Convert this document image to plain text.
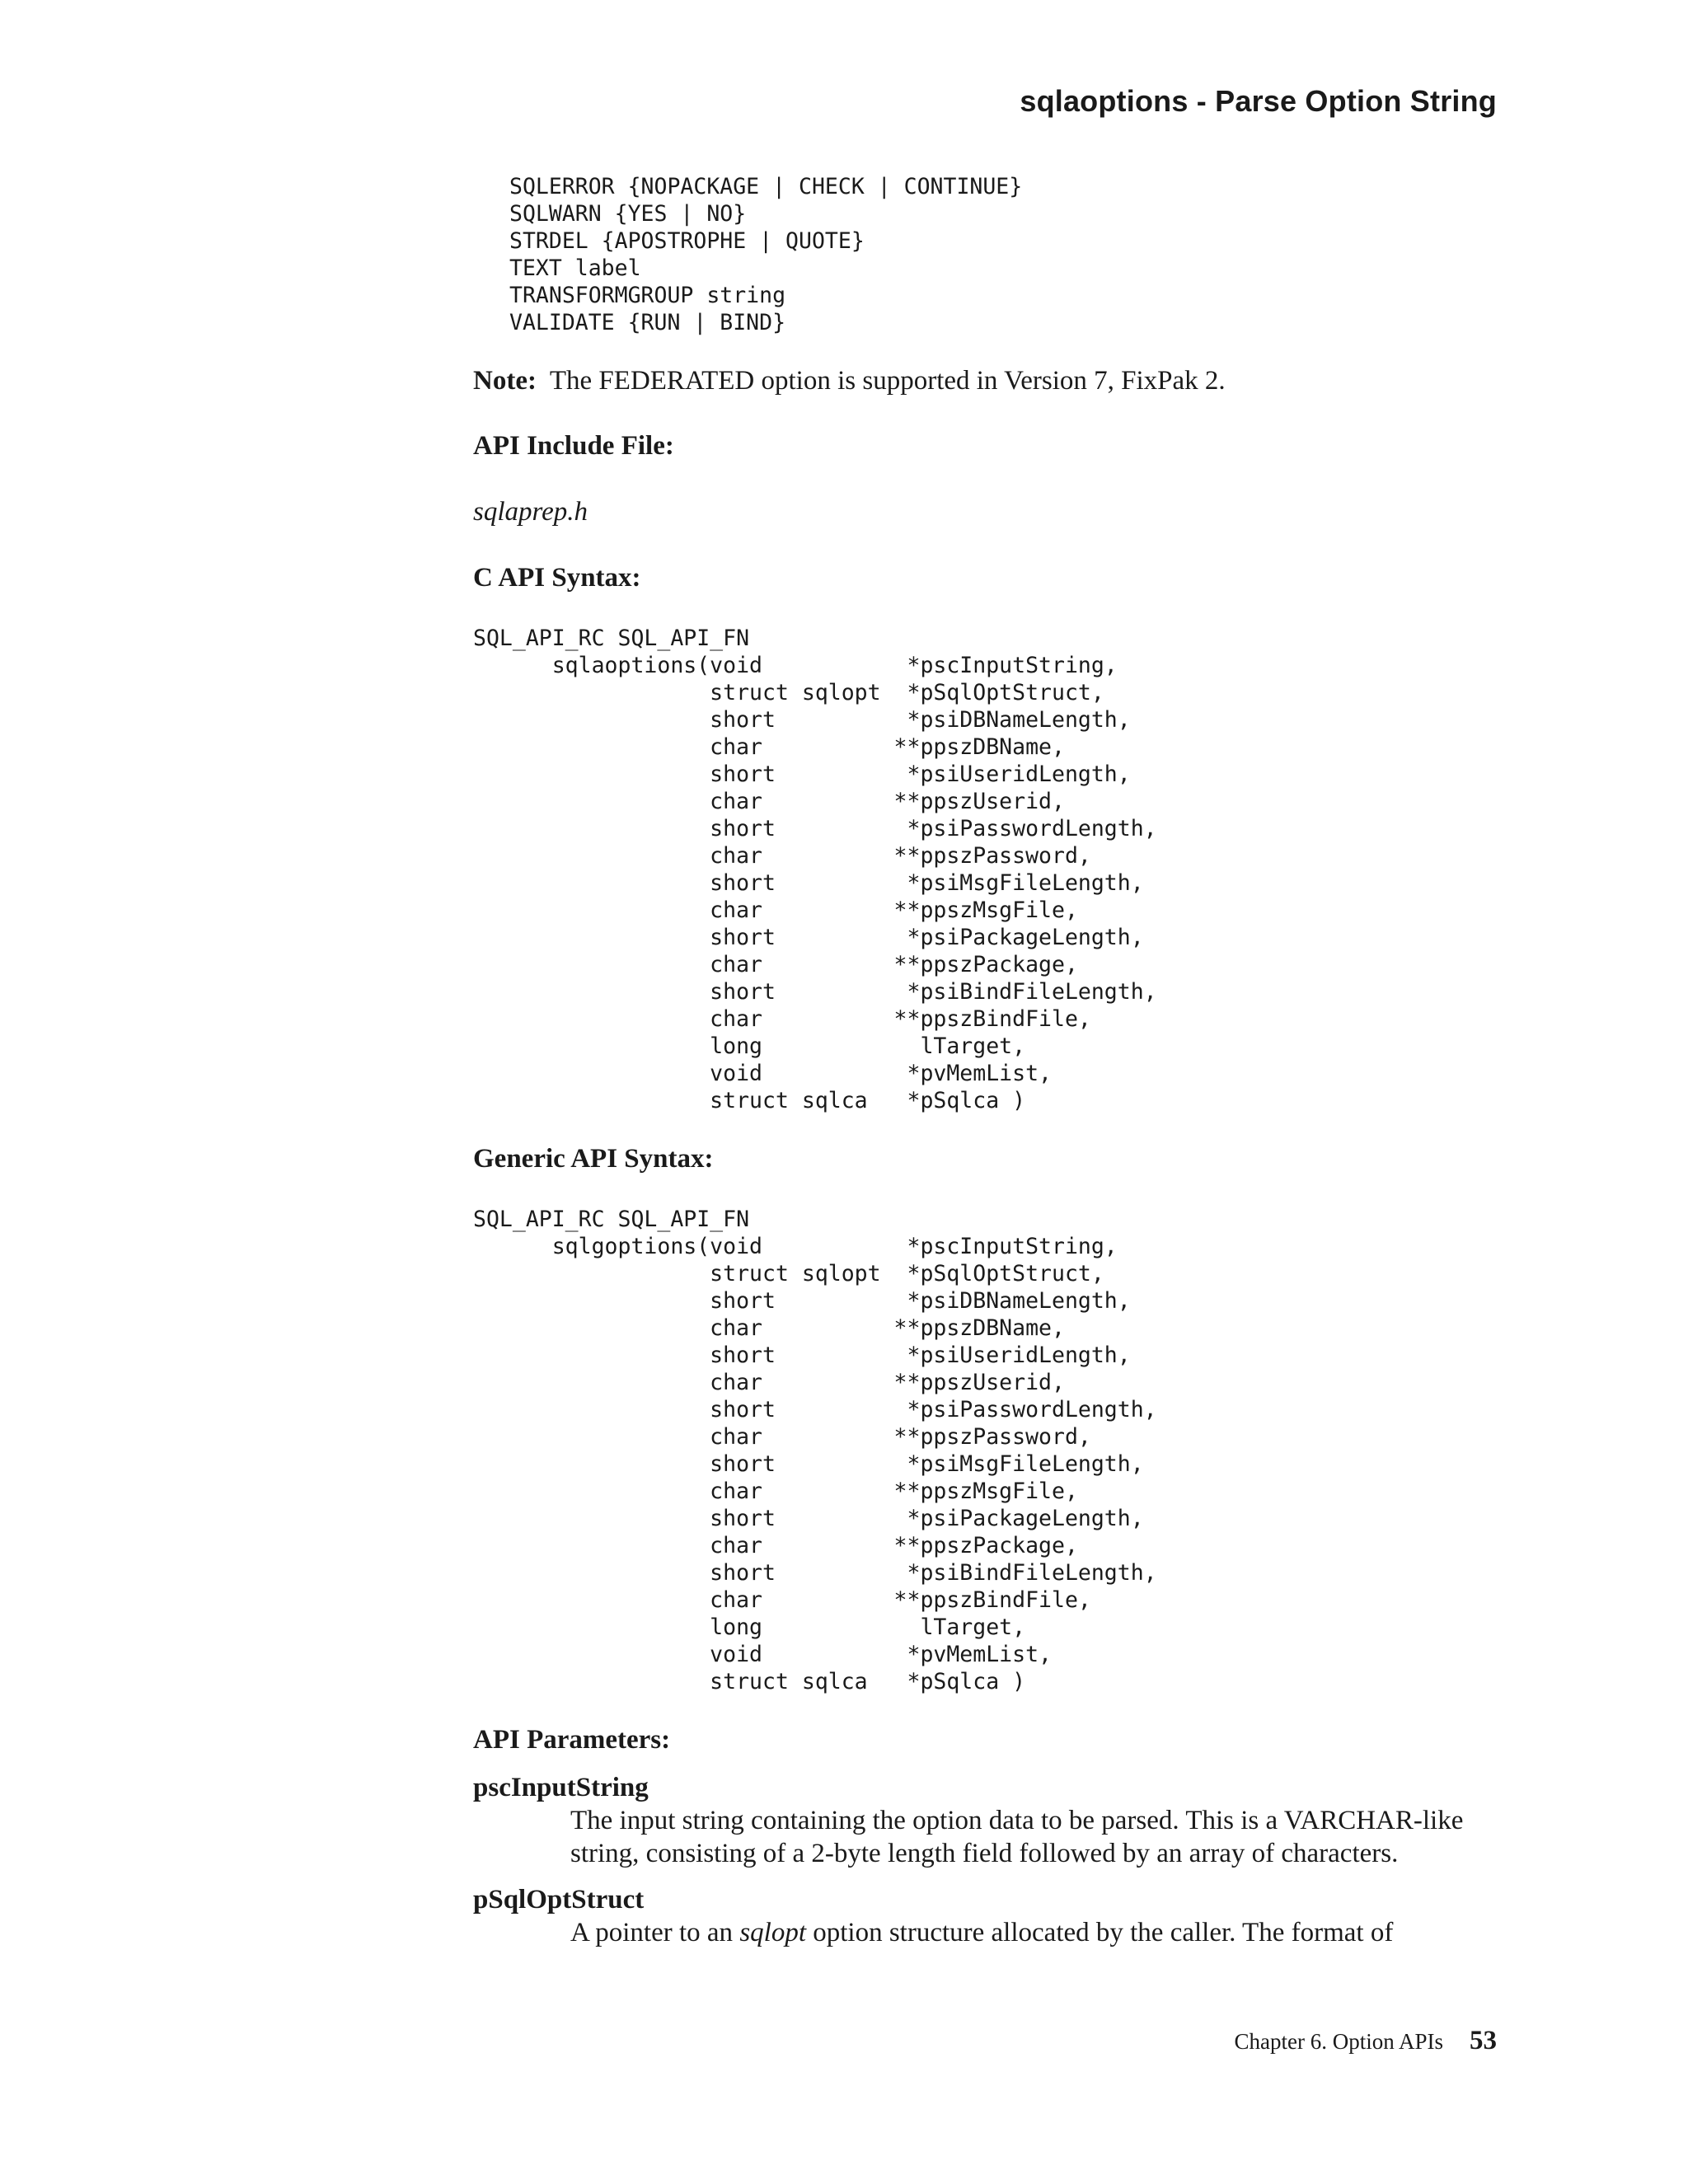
sqlaoptions - Parse Option String
SQLERROR {NOPACKAGE | CHECK | CONTINUE}
SQLWARN {YES | NO}
STRDEL {APOSTROPHE | QUOTE}
TEXT label
TRANSFORMGROUP string
VALIDATE {RUN | BIND}

Note: The FEDERATED option is supported in Version 7, FixPak 2.

API Include File:

sqlaprep.h

C API Syntax:

SQL_API_RC SQL_API_FN
sqlaoptions(void           *pscInputString,
struct sqlopt  *pSqlOptStruct,
short          *psiDBNameLength,
char          **ppszDBName,
short          *psiUseridLength,
char          **ppszUserid,
short          *psiPasswordLength,
char          **ppszPassword,
short          *psiMsgFileLength,
char          **ppszMsgFile,
short          *psiPackageLength,
char          **ppszPackage,
short          *psiBindFileLength,
char          **ppszBindFile,
long            lTarget,
void           *pvMemList,
struct sqlca   *pSqlca )

Generic API Syntax:

SQL_API_RC SQL_API_FN
sqlgoptions(void           *pscInputString,
struct sqlopt  *pSqlOptStruct,
short          *psiDBNameLength,
char          **ppszDBName,
short          *psiUseridLength,
char          **ppszUserid,
short          *psiPasswordLength,
char          **ppszPassword,
short          *psiMsgFileLength,
char          **ppszMsgFile,
short          *psiPackageLength,
char          **ppszPackage,
short          *psiBindFileLength,
char          **ppszBindFile,
long            lTarget,
void           *pvMemList,
struct sqlca   *pSqlca )

API Parameters:

pscInputString

The input string containing the option data to be parsed. This is a VARCHAR-like string, consisting of a 2-byte length field followed by an array of characters.

pSqlOptStruct

A pointer to an sqlopt option structure allocated by the caller. The format of

Chapter 6. Option APIs 53
